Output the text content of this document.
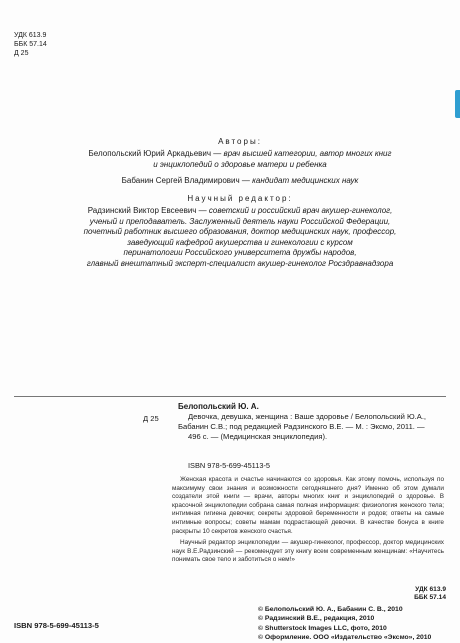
УДК 613.9
ББК 57.14
Д 25
Авторы:
Белопольский Юрий Аркадьевич — врач высшей категории, автор многих книг
и энциклопедий о здоровье матери и ребенка
Бабанин Сергей Владимирович — кандидат медицинских наук
Научный редактор:
Радзинский Виктор Евсеевич — советский и российский врач акушер-гинеколог,
ученый и преподаватель. Заслуженный деятель науки Российской Федерации,
почетный работник высшего образования, доктор медицинских наук, профессор,
заведующий кафедрой акушерства и гинекологии с курсом
перинатологии Российского университета дружбы народов,
главный внештатный эксперт-специалист акушер-гинеколог Росздравнадзора
Д 25
Белопольский Ю. А.
Девочка, девушка, женщина : Ваше здоровье / Белопольский Ю.А.,
Бабанин С.В.; под редакцией Радзинского В.Е. — М. : Эксмо, 2011. —
496 с. — (Медицинская энциклопедия).
ISBN 978-5-699-45113-5

Женская красота и счастье начинаются со здоровья. Как этому помочь, используя по максимуму свои знания и возможности сегодняшнего дня? Именно об этом думали создатели этой книги — врачи, авторы многих книг и энциклопедий о здоровье. В красочной энциклопедии собрана самая полная информация: физиология женского тела; интимная гигиена девочки; секреты здоровой беременности и родов; ответы на самые интимные вопросы; советы мамам подрастающей девочки. В качестве бонуса в книге раскрыты 10 секретов женского счастья.

Научный редактор энциклопедии — акушер-гинеколог, профессор, доктор медицинских наук В.Е.Радзинский — рекомендует эту книгу всем современным женщинам: «Научитесь понимать свое тело и заботиться о нем!»

УДК 613.9
ББК 57.14
© Белопольский Ю. А., Бабанин С. В., 2010
© Радзинский В.Е., редакция, 2010
© Shutterstock Images LLC, фото, 2010
© Оформление. ООО «Издательство «Эксмо», 2010
ISBN 978-5-699-45113-5
